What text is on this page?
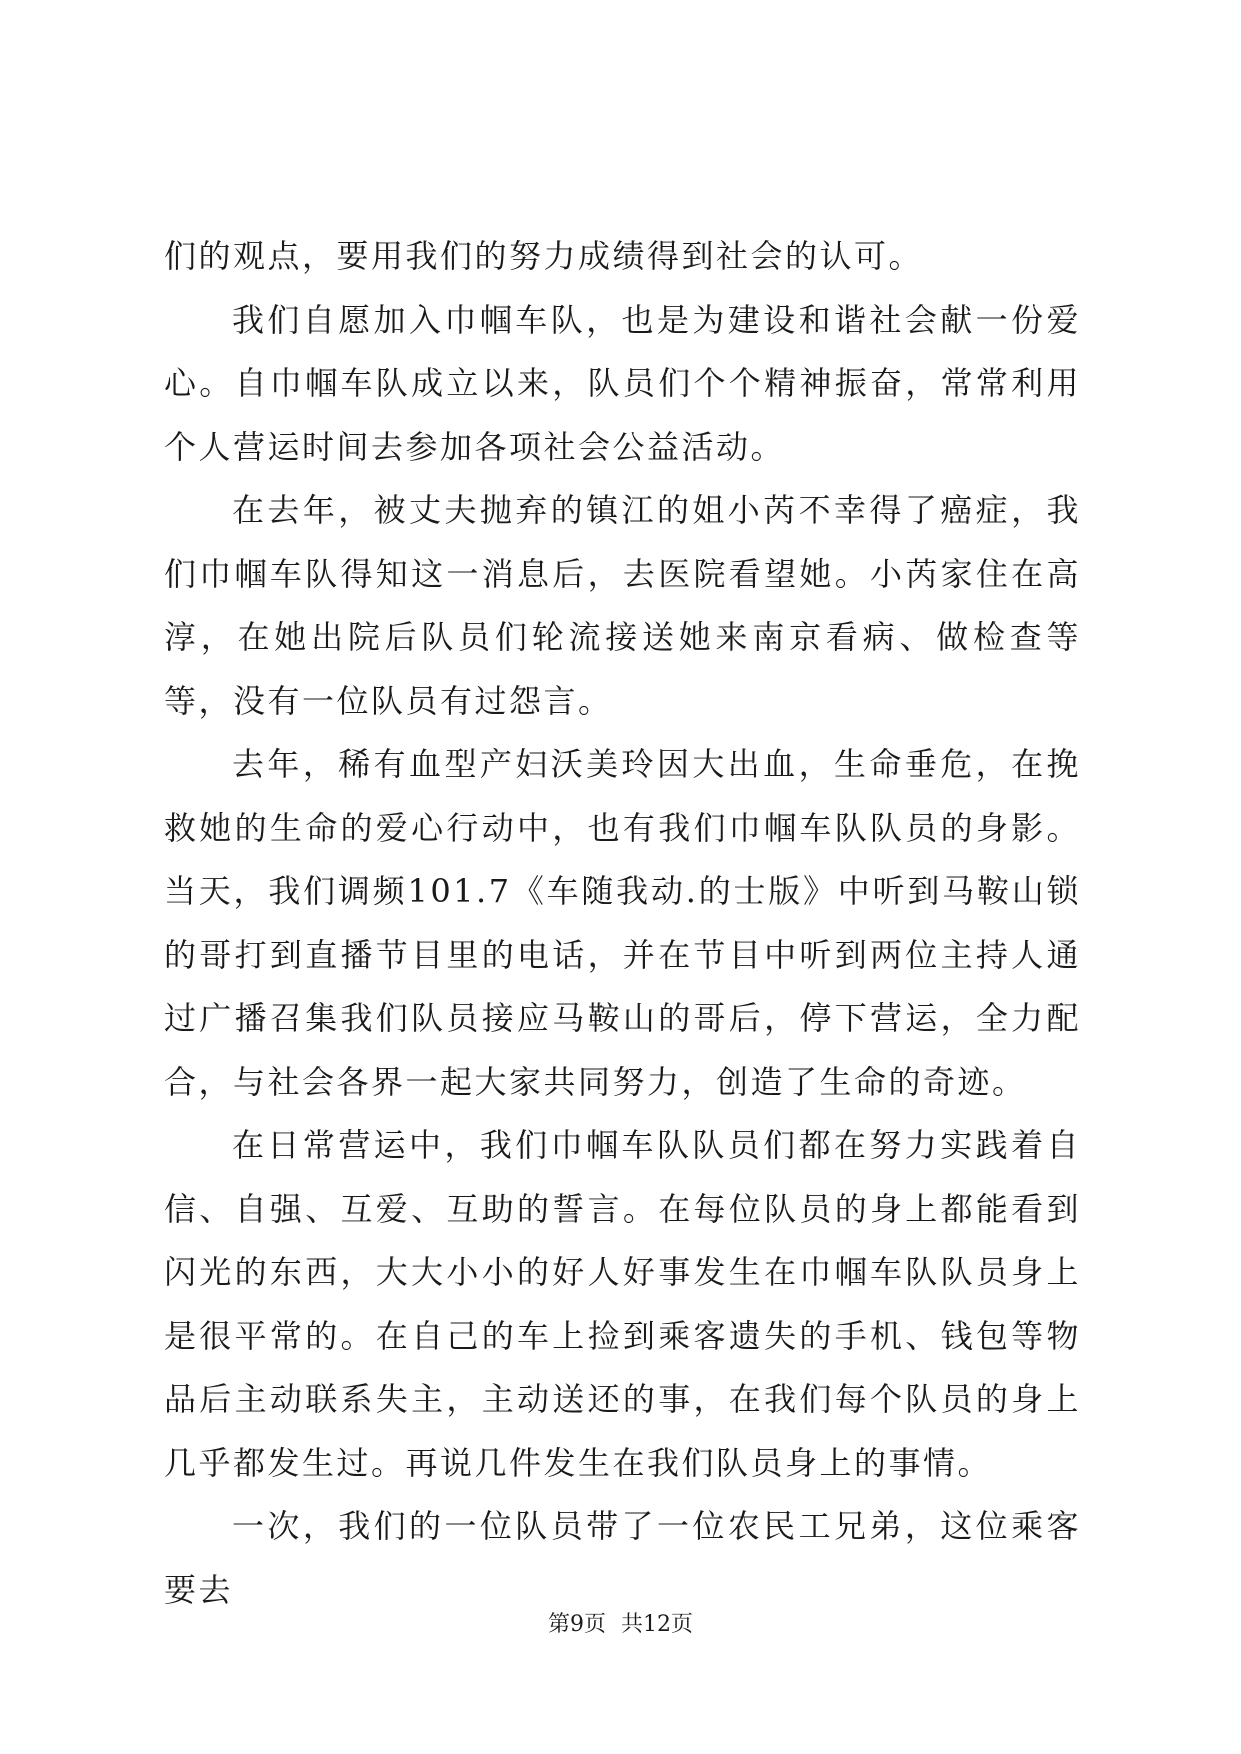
们的观点，要用我们的努力成绩得到社会的认可。

我们自愿加入巾帼车队，也是为建设和谐社会献一份爱心。自巾帼车队成立以来，队员们个个精神振奋，常常利用个人营运时间去参加各项社会公益活动。

在去年，被丈夫抛弃的镇江的姐小芮不幸得了癌症，我们巾帼车队得知这一消息后，去医院看望她。小芮家住在高淳，在她出院后队员们轮流接送她来南京看病、做检查等等，没有一位队员有过怨言。

去年，稀有血型产妇沃美玲因大出血，生命垂危，在挽救她的生命的爱心行动中，也有我们巾帼车队队员的身影。当天，我们调频101.7《车随我动.的士版》中听到马鞍山锁的哥打到直播节目里的电话，并在节目中听到两位主持人通过广播召集我们队员接应马鞍山的哥后，停下营运，全力配合，与社会各界一起大家共同努力，创造了生命的奇迹。

在日常营运中，我们巾帼车队队员们都在努力实践着自信、自强、互爱、互助的誓言。在每位队员的身上都能看到闪光的东西，大大小小的好人好事发生在巾帼车队队员身上是很平常的。在自己的车上捡到乘客遗失的手机、钱包等物品后主动联系失主，主动送还的事，在我们每个队员的身上几乎都发生过。再说几件发生在我们队员身上的事情。

一次，我们的一位队员带了一位农民工兄弟，这位乘客要去

第9页 共12页
